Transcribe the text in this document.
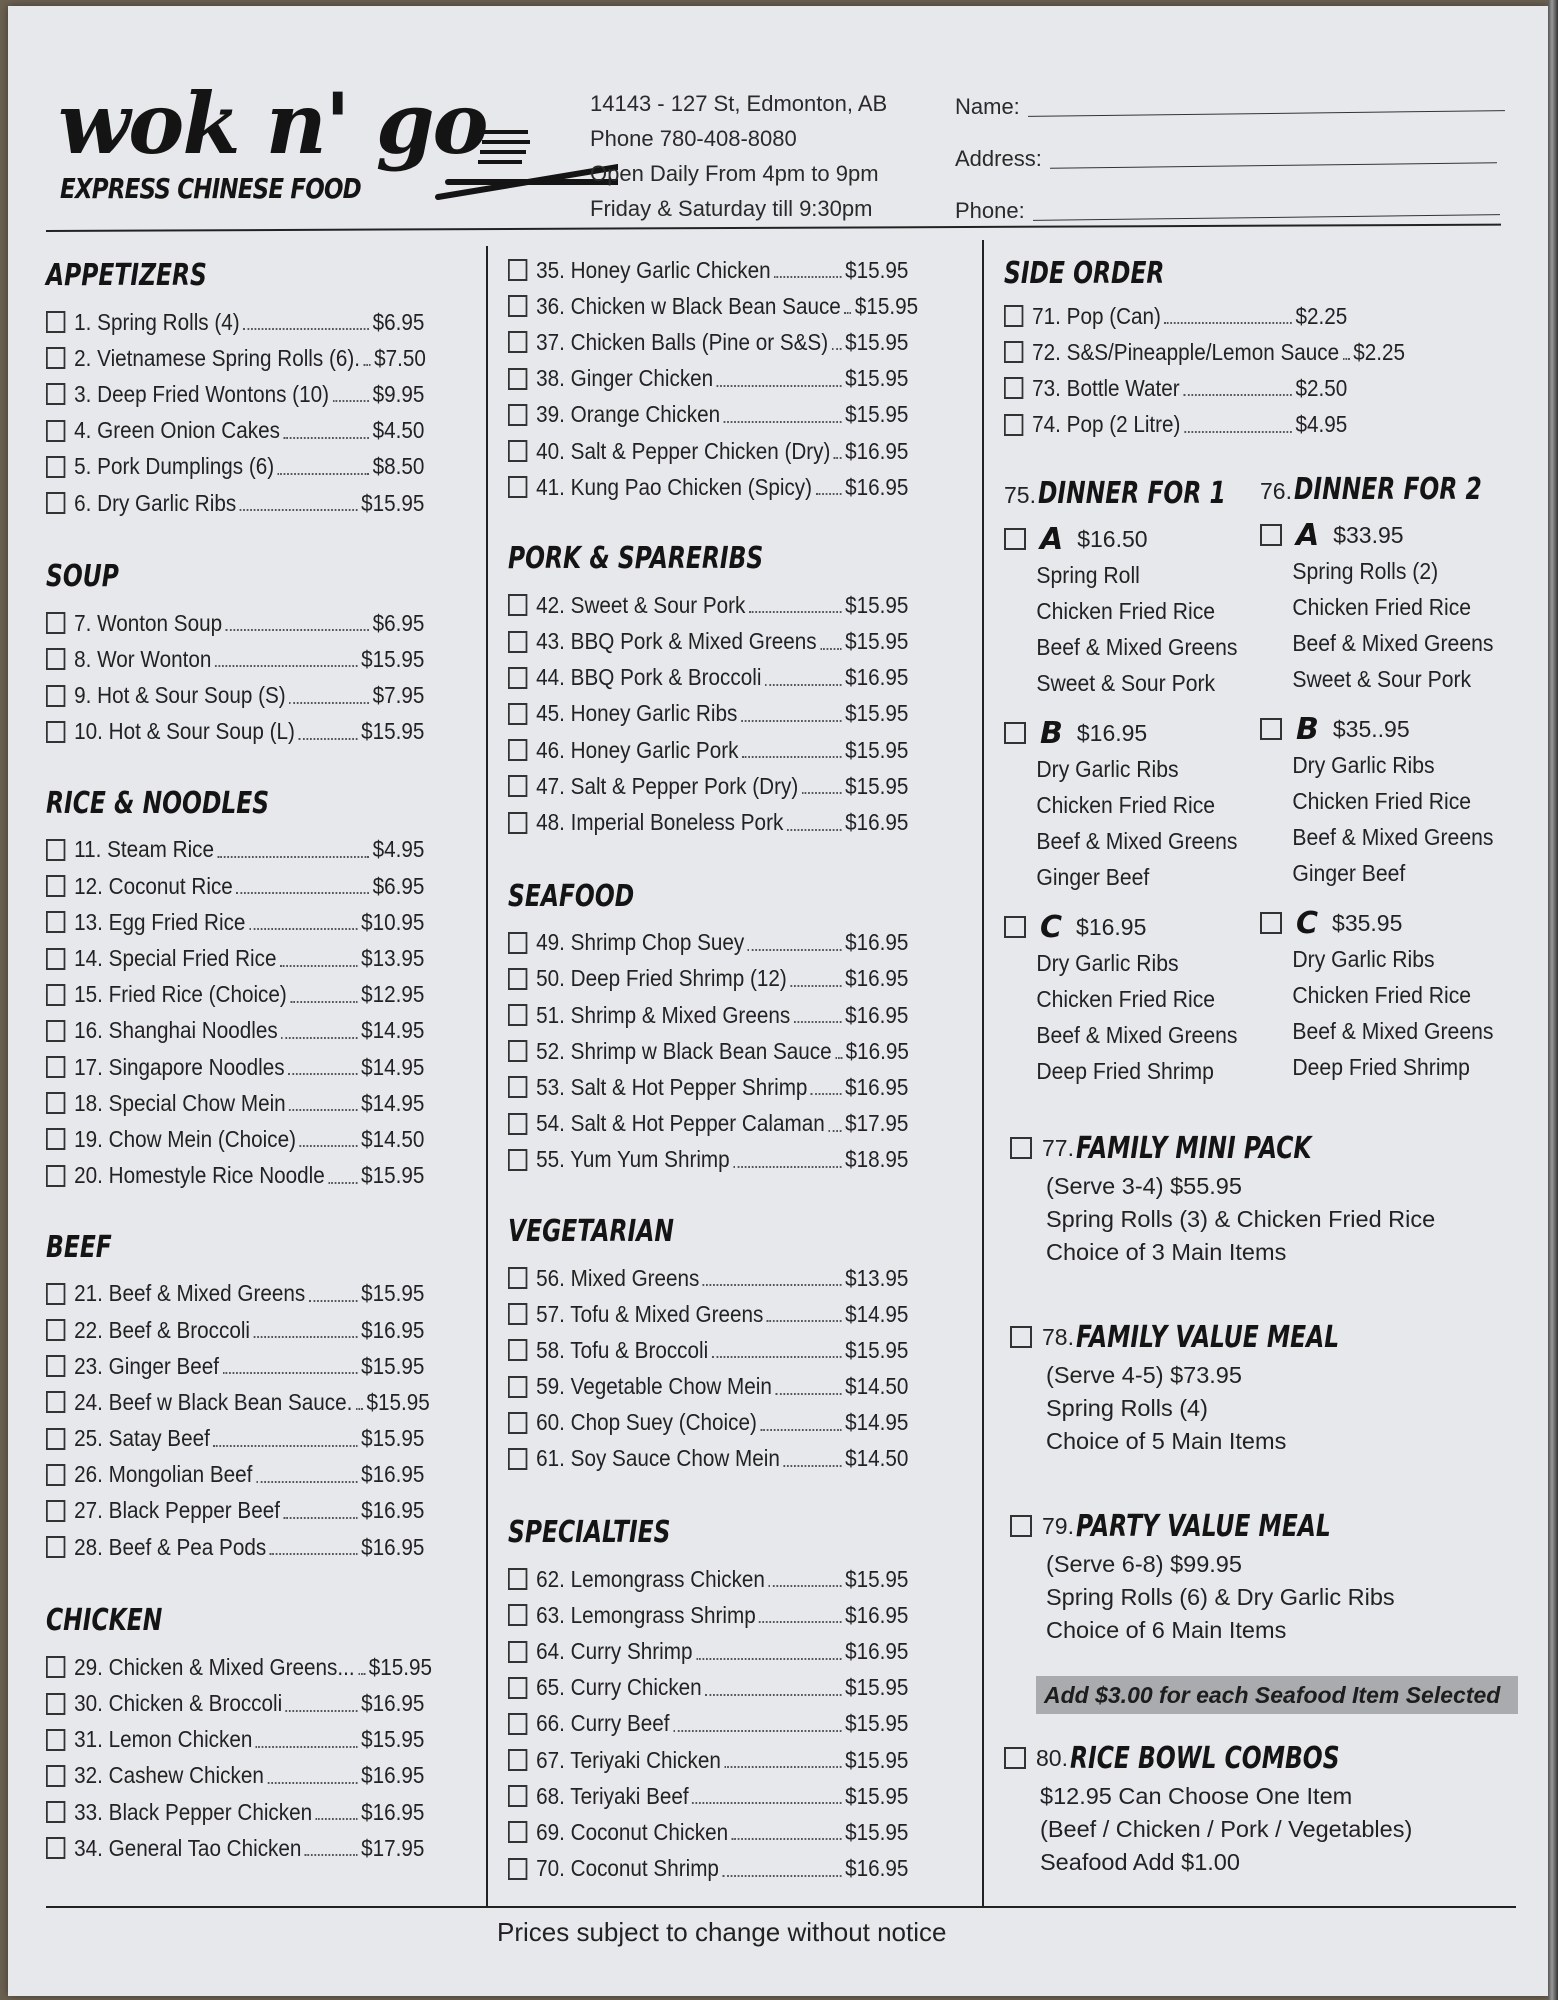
wok n' go
EXPRESS CHINESE FOOD
14143 - 127 St, Edmonton, AB
Phone 780-408-8080
Open Daily From 4pm to 9pm
Friday & Saturday till 9:30pm
Name:
Address:
Phone:
Prices subject to change without notice
APPETIZERS
1. Spring Rolls (4)	$6.95
2. Vietnamese Spring Rolls (6). $7.50
3. Deep Fried Wontons (10) $9.95
4. Green Onion Cakes	$4.50
5. Pork Dumplings (6)	$8.50
6. Dry Garlic Ribs	$15.95
SOUP
7. Wonton Soup	$6.95
8. Wor Wonton	$15.95
9. Hot & Sour Soup (S)	$7.95
10. Hot & Sour Soup (L)	$15.95
RICE & NOODLES
11. Steam Rice	$4.95
12. Coconut Rice	$6.95
13. Egg Fried Rice	$10.95
14. Special Fried Rice	$13.95
15. Fried Rice (Choice)	$12.95
16. Shanghai Noodles	$14.95
17. Singapore Noodles	$14.95
18. Special Chow Mein	$14.95
19. Chow Mein (Choice)	$14.50
20. Homestyle Rice Noodle $15.95
BEEF
21. Beef & Mixed Greens $15.95
22. Beef & Broccoli	$16.95
23. Ginger Beef	$15.95
24. Beef w Black Bean Sauce. $15.95
25. Satay Beef	$15.95
26. Mongolian Beef	$16.95
27. Black Pepper Beef	$16.95
28. Beef & Pea Pods	$16.95
CHICKEN
29. Chicken & Mixed Greens... $15.95
30. Chicken & Broccoli	$16.95
31. Lemon Chicken	$15.95
32. Cashew Chicken	$16.95
33. Black Pepper Chicken $16.95
34. General Tao Chicken	$17.95
35. Honey Garlic Chicken	$15.95
36. Chicken w Black Bean Sauce $15.95
37. Chicken Balls (Pine or S&S) $15.95
38. Ginger Chicken	$15.95
39. Orange Chicken	$15.95
40. Salt & Pepper Chicken (Dry) $16.95
41. Kung Pao Chicken (Spicy) $16.95
PORK & SPARERIBS
42. Sweet & Sour Pork	$15.95
43. BBQ Pork & Mixed Greens $15.95
44. BBQ Pork & Broccoli	$16.95
45. Honey Garlic Ribs	$15.95
46. Honey Garlic Pork	$15.95
47. Salt & Pepper Pork (Dry) $15.95
48. Imperial Boneless Pork	$16.95
SEAFOOD
49. Shrimp Chop Suey	$16.95
50. Deep Fried Shrimp (12) $16.95
51. Shrimp & Mixed Greens $16.95
52. Shrimp w Black Bean Sauce $16.95
53. Salt & Hot Pepper Shrimp $16.95
54. Salt & Hot Pepper Calaman $17.95
55. Yum Yum Shrimp	$18.95
VEGETARIAN
56. Mixed Greens	$13.95
57. Tofu & Mixed Greens	$14.95
58. Tofu & Broccoli	$15.95
59. Vegetable Chow Mein	$14.50
60. Chop Suey (Choice)	$14.95
61. Soy Sauce Chow Mein	$14.50
SPECIALTIES
62. Lemongrass Chicken	$15.95
63. Lemongrass Shrimp	$16.95
64. Curry Shrimp	$16.95
65. Curry Chicken	$15.95
66. Curry Beef	$15.95
67. Teriyaki Chicken	$15.95
68. Teriyaki Beef	$15.95
69. Coconut Chicken	$15.95
70. Coconut Shrimp	$16.95
SIDE ORDER
71. Pop (Can)	$2.25
72. S&S/Pineapple/Lemon Sauce $2.25
73. Bottle Water	$2.50
74. Pop (2 Litre)	$4.95
75. DINNER FOR 1
A $16.50
Spring Roll
Chicken Fried Rice
Beef & Mixed Greens
Sweet & Sour Pork
B $16.95
Dry Garlic Ribs
Chicken Fried Rice
Beef & Mixed Greens
Ginger Beef
C $16.95
Dry Garlic Ribs
Chicken Fried Rice
Beef & Mixed Greens
Deep Fried Shrimp
76. DINNER FOR 2
A $33.95
Spring Rolls (2)
Chicken Fried Rice
Beef & Mixed Greens
Sweet & Sour Pork
B $35..95
Dry Garlic Ribs
Chicken Fried Rice
Beef & Mixed Greens
Ginger Beef
C $35.95
Dry Garlic Ribs
Chicken Fried Rice
Beef & Mixed Greens
Deep Fried Shrimp
77. FAMILY MINI PACK
(Serve 3-4) $55.95
Spring Rolls (3) & Chicken Fried Rice
Choice of 3 Main Items
78. FAMILY VALUE MEAL
(Serve 4-5) $73.95
Spring Rolls (4)
Choice of 5 Main Items
79. PARTY VALUE MEAL
(Serve 6-8) $99.95
Spring Rolls (6) & Dry Garlic Ribs
Choice of 6 Main Items
Add $3.00 for each Seafood Item Selected
80. RICE BOWL COMBOS
$12.95 Can Choose One Item
(Beef / Chicken / Pork / Vegetables)
Seafood Add $1.00
